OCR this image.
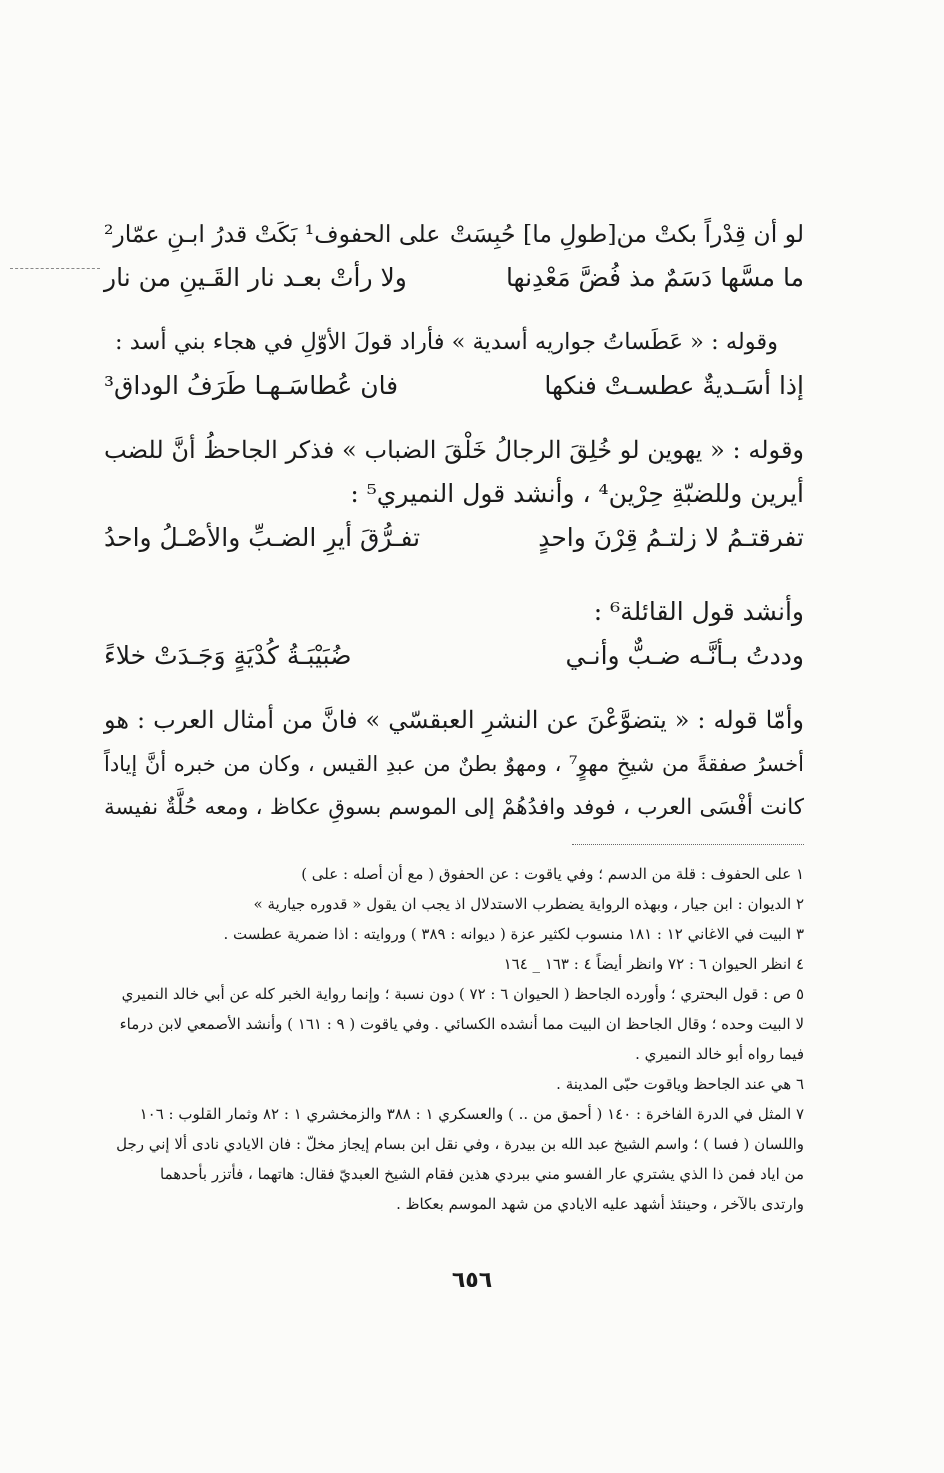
لو أن قِدْراً بكتْ من[طولِ ما] حُبِسَتْ
على الحفوف¹ بَكَتْ قدرُ ابـنِ عمّار²
ما مسَّها دَسَمٌ مذ فُضَّ مَعْدِنها
ولا رأتْ بعـد نار القَـينِ من نار

وقوله : « عَطَساتُ جواريه أسدية » فأراد قولَ الأوّلِ في هجاء بني أسد :

إذا أسَـديةٌ عطسـتْ فنكها
فان عُطاسَـهـا طَرَفُ الوداق³

وقوله : « يهوين لو خُلِقَ الرجالُ خَلْقَ الضباب » فذكر الجاحظُ أنَّ للضب
أيرين وللضبّةِ حِرْين⁴ ، وأنشد قول النميري⁵ :

تفرقتـمُ لا زلتـمُ قِرْنَ واحدٍ
تفـرُّقَ أيرِ الضـبِّ والأصْـلُ واحدُ

وأنشد قول القائلة⁶ :

وددتُ بـأنَّـه ضـبٌّ وأنـي
ضُبَيْبَـةُ كُدْيَةٍ وَجَـدَتْ خلاءً

وأمّا قوله : « يتضوَّعْنَ عن النشرِ العبقسّي » فانَّ من أمثال العرب : هو
أخسرُ صفقةً من شيخِ مهوٍ⁷ ، ومهوٌ بطنٌ من عبدِ القيس ، وكان من خبره أنَّ إياداً
كانت أفْسَى العرب ، فوفد وافدُهُمْ إلى الموسم بسوقِ عكاظ ، ومعه حُلَّةٌ نفيسة

١ على الحفوف : قلة من الدسم ؛ وفي ياقوت : عن الحفوق ( مع أن أصله : على )
٢ الديوان : ابن جيار ، وبهذه الرواية يضطرب الاستدلال اذ يجب ان يقول « قدوره جيارية »
٣ البيت في الاغاني ١٢ : ١٨١ منسوب لكثير عزة ( ديوانه : ٣٨٩ ) وروايته : اذا ضمرية عطست .
٤ انظر الحيوان ٦ : ٧٢ وانظر أيضاً ٤ : ١٦٣ _ ١٦٤
٥ ص : قول البحتري ؛ وأورده الجاحظ ( الحيوان ٦ : ٧٢ ) دون نسبة ؛ وإنما رواية الخبر كله عن أبي خالد النميري
لا البيت وحده ؛ وقال الجاحظ ان البيت مما أنشده الكسائي . وفي ياقوت ( ٩ : ١٦١ ) وأنشد الأصمعي لابن درماء
فيما رواه أبو خالد النميري .
٦ هي عند الجاحظ وياقوت حبّى المدينة .
٧ المثل في الدرة الفاخرة : ١٤٠ ( أحمق من .. ) والعسكري ١ : ٣٨٨ والزمخشري ١ : ٨٢ وثمار القلوب : ١٠٦
واللسان ( فسا ) ؛ واسم الشيخ عبد الله بن بيدرة ، وفي نقل ابن بسام إيجاز مخلّ : فان الايادي نادى ألا إني رجل
من اياد فمن ذا الذي يشتري عار الفسو مني ببردي هذين فقام الشيخ العبديّ فقال: هاتهما ، فأتزر بأحدهما
وارتدى بالآخر ، وحينئذ أشهد عليه الايادي من شهد الموسم بعكاظ .
٦٥٦
